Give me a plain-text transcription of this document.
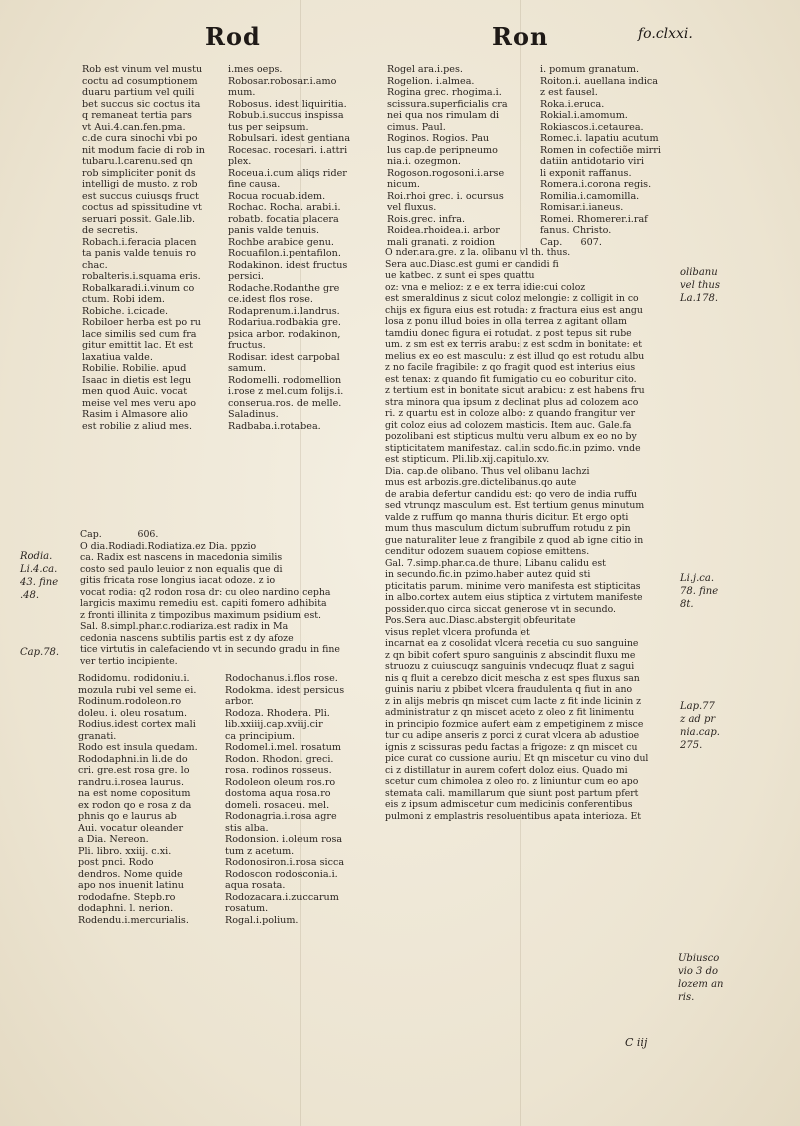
Rod	Ron	fo.clxxi.
Rob est vinum vel mustu
coctu ad cosumptionem
duaru partium vel quili
bet succus sic coctus ita
q remaneat tertia pars
vt Aui.4.can.fen.pma.
c.de cura sinochi vbi po
nit modum facie di rob in
tubaru.l.carenu.sed qn
rob simpliciter ponit ds
intelligi de musto. z rob
est succus cuiusqs fruct
coctus ad spissitudine vt
seruari possit. Gale.lib.
de secretis.
Robach.i.feracia placen
ta panis valde tenuis ro
chac.
robalteris.i.squama eris.
Robalkaradi.i.vinum co
ctum. Robi idem.
Robiche. i.cicade.
Robiloer herba est po ru
lace similis sed cum fra
gitur emittit lac. Et est
laxatiua valde.
Robilie. Robilie. apud
Isaac in dietis est legu
men quod Auic. vocat
meise vel mes veru apo
Rasim i Almasore alio
est robilie z aliud mes.
i.mes oeps.
Robosar.robosar.i.amo
mum.
Robosus. idest liquiritia.
Robub.i.succus inspissa
tus per seipsum.
Robulsari. idest gentiana
Rocesac. rocesari. i.attri
plex.
Roceua.i.cum aliqs rider
fine causa.
Rocua rocuab.idem.
Rochac. Rocha. arabi.i.
robatb. focatia placera
panis valde tenuis.
Rochbe arabice genu.
Rocuafilon.i.pentafilon.
Rodakinon. idest fructus
persici.
Rodache.Rodanthe gre
ce.idest flos rose.
Rodaprenum.i.landrus.
Rodariua.rodbakia gre.
psica arbor. rodakinon,
fructus.
Rodisar. idest carpobal
samum.
Rodomelli. rodomellion
i.rose z mel.cum folijs.i.
conserua.ros. de melle.
Saladinus.
Radbaba.i.rotabea.
Cap.            606.
O dia.Rodiadi.Rodiatiza.ez Dia. ppzio
ca. Radix est nascens in macedonia similis
costo sed paulo leuior z non equalis que di
gitis fricata rose longius iacat odoze. z io
vocat rodia: q2 rodon rosa dr: cu oleo nardino cepha
largicis maximu remediu est. capiti fomero adhibita
z fronti illinita z timpozibus maximum psidium est.
Sal. 8.simpl.phar.c.rodiariza.est radix in Ma
cedonia nascens subtilis partis est z dy afoze
tice virtutis in calefaciendo vt in secundo gradu in fine
ver tertio incipiente.
Rodidomu. rodidoniu.i.
mozula rubi vel seme ei.
Rodinum.rodoleon.ro
doleu. i. oleu rosatum.
Rodius.idest cortex mali
granati.
Rodo est insula quedam.
Rododaphni.in li.de do
cri. gre.est rosa gre. lo
randru.i.rosea laurus.
na est nome copositum
ex rodon qo e rosa z da
phnis qo e laurus ab
Aui. vocatur oleander
a Dia. Nereon.
Pli. libro. xxiij. c.xi.
post pnci. Rodo
dendros. Nome quide
apo nos inuenit latinu
rododafne. Stepb.ro
dodaphni. l. nerion.
Rodendu.i.mercurialis.
Rodochanus.i.flos rose.
Rodokma. idest persicus
arbor.
Rodoza. Rhodera. Pli.
lib.xxiiij.cap.xviij.cir
ca principium.
Rodomel.i.mel. rosatum
Rodon. Rhodon. greci.
rosa. rodinos rosseus.
Rodoleon oleum ros.ro
dostoma aqua rosa.ro
domeli. rosaceu. mel.
Rodonagria.i.rosa agre
stis alba.
Rodonsion. i.oleum rosa
tum z acetum.
Rodonosiron.i.rosa sicca
Rodoscon rodosconia.i.
aqua rosata.
Rodozacara.i.zuccarum
rosatum.
Rogal.i.polium.
Rodia.
Li.4.ca.
43. fine
.48.
Cap.78.
Rogel ara.i.pes.
Rogelion. i.almea.
Rogina grec. rhogima.i.
scissura.superficialis cra
nei qua nos rimulam di
cimus. Paul.
Roginos. Rogios. Pau
lus cap.de peripneumo
nia.i. ozegmon.
Rogoson.rogosoni.i.arse
nicum.
Roi.rhoi grec. i. ocursus
vel fluxus.
Rois.grec. infra.
Roidea.rhoidea.i. arbor
mali granati. z roidion
i. pomum granatum.
Roiton.i. auellana indica
z est fausel.
Roka.i.eruca.
Rokial.i.amomum.
Rokiascos.i.cetaurea.
Romec.i. lapatiu acutum
Romen in cofectiõe mirri
datiin antidotario viri
li exponit raffanus.
Romera.i.corona regis.
Romilia.i.camomilla.
Romisar.i.ianeus.
Romei. Rhomerer.i.raf
fanus. Christo.
Cap.      607.
O nder.ara.gre. z la. olibanu vl th. thus.
Sera auc.Diasc.est gumi er candidi fi
ue katbec. z sunt ei spes quattu
oz: vna e melioz: z e ex terra idie:cui coloz
est smeraldinus z sicut coloz melongie: z colligit in co
chijs ex figura eius est rotuda: z fractura eius est angu
losa z ponu illud boies in olla terrea z agitant ollam
tamdiu donec figura ei rotudat. z post tepus sit rube
um. z sm est ex terris arabu: z est scdm in bonitate: et
melius ex eo est masculu: z est illud qo est rotudu albu
z no facile fragibile: z qo fragit quod est interius eius
est tenax: z quando fit fumigatio cu eo coburitur cito.
z tertium est in bonitate sicut arabicu: z est habens fru
stra minora qua ipsum z declinat plus ad colozem aco
ri. z quartu est in coloze albo: z quando frangitur ver
git coloz eius ad colozem masticis. Item auc. Gale.fa
pozolibani est stipticus multu veru album ex eo no by
stipticitatem manifestaz. cal.in scdo.fic.in pzimo. vnde
est stipticum. Pli.lib.xij.capitulo.xv.
Dia. cap.de olibano. Thus vel olibanu lachzi
mus est arbozis.gre.dictelibanus.qo aute
de arabia defertur candidu est: qo vero de india ruffu
sed vtrunqz masculum est. Est tertium genus minutum
valde z ruffum qo manna thuris dicitur. Et ergo opti
mum thus masculum dictum subruffum rotudu z pin
gue naturaliter leue z frangibile z quod ab igne citio in
cenditur odozem suauem copiose emittens.
Gal. 7.simp.phar.ca.de thure. Libanu calidu est
in secundo.fic.in pzimo.haber autez quid sti
pticitatis parum. minime vero manifesta est stipticitas
in albo.cortex autem eius stiptica z virtutem manifeste
possider.quo circa siccat generose vt in secundo.
Pos.Sera auc.Diasc.abstergit obfeuritate
visus replet vlcera profunda et
incarnat ea z cosolidat vlcera recetia cu suo sanguine
z qn bibit cofert spuro sanguinis z abscindit fluxu me
struozu z cuiuscuqz sanguinis vndecuqz fluat z sagui
nis q fluit a cerebzo dicit mescha z est spes fluxus san
guinis nariu z pbibet vlcera fraudulenta q fiut in ano
z in alijs mebris qn miscet cum lacte z fit inde licinin z
administratur z qn miscet aceto z oleo z fit linimentu
in principio fozmice aufert eam z empetiginem z misce
tur cu adipe anseris z porci z curat vlcera ab adustioe
ignis z scissuras pedu factas a frigoze: z qn miscet cu
pice curat co cussione auriu. Et qn miscetur cu vino dul
ci z distillatur in aurem cofert doloz eius. Quado mi
scetur cum chimolea z oleo ro. z liniuntur cum eo apo
stemata cali. mamillarum que siunt post partum pfert
eis z ipsum admiscetur cum medicinis conferentibus
pulmoni z emplastris resoluentibus apata interioza. Et
olibanu
vel thus
La.178.
Li.j.ca.
78. fine
8t.
Lap.77
z ad pr
nia.cap.
275.
Ubiusco
vio 3 do
lozem an
ris.
C iij
